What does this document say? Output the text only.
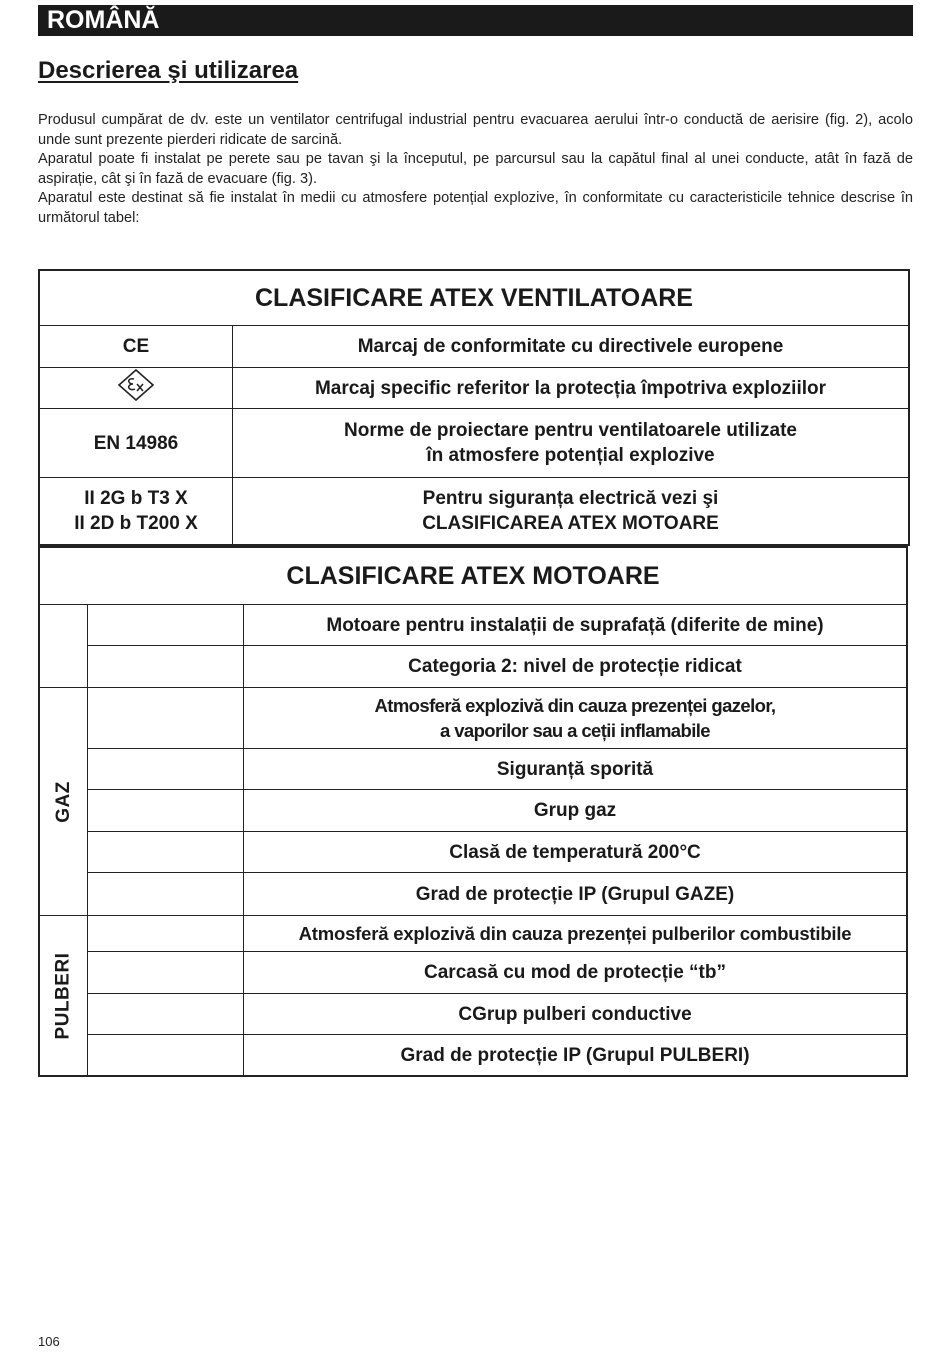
ROMÂNĂ
Descrierea şi utilizarea

Produsul cumpărat de dv. este un ventilator centrifugal industrial pentru evacuarea aerului într-o conductă de aerisire (fig. 2), acolo unde sunt prezente pierderi ridicate de sarcină.

Aparatul poate fi instalat pe perete sau pe tavan şi la începutul, pe parcursul sau la capătul final al unei conducte, atât în fază de aspirație, cât şi în fază de evacuare (fig. 3).

Aparatul este destinat să fie instalat în medii cu atmosfere potențial explozive, în conformitate cu caracteristicile tehnice descrise în următorul tabel:

CLASIFICARE ATEX VENTILATOARE
CE	Marcaj de conformitate cu directivele europene
Marcaj specific referitor la protecția împotriva exploziilor
EN 14986
Norme de proiectare pentru ventilatoarele utilizate
în atmosfere potențial explozive
II 2G b T3 X
II 2D b T200 X
Pentru siguranța electrică vezi şi
CLASIFICAREA ATEX MOTOARE
CLASIFICARE ATEX MOTOARE
GAZ
PULBERI
Motoare pentru instalații de suprafață (diferite de mine)
Categoria 2: nivel de protecție ridicat
Atmosferă explozivă din cauza prezenței gazelor,
a vaporilor sau a ceții inflamabile
Siguranță sporită
Grup gaz
Clasă de temperatură 200°C
Grad de protecție IP (Grupul GAZE)
Atmosferă explozivă din cauza prezenței pulberilor combustibile
Carcasă cu mod de protecție “tb”
CGrup pulberi conductive
Grad de protecție IP (Grupul PULBERI)
106
